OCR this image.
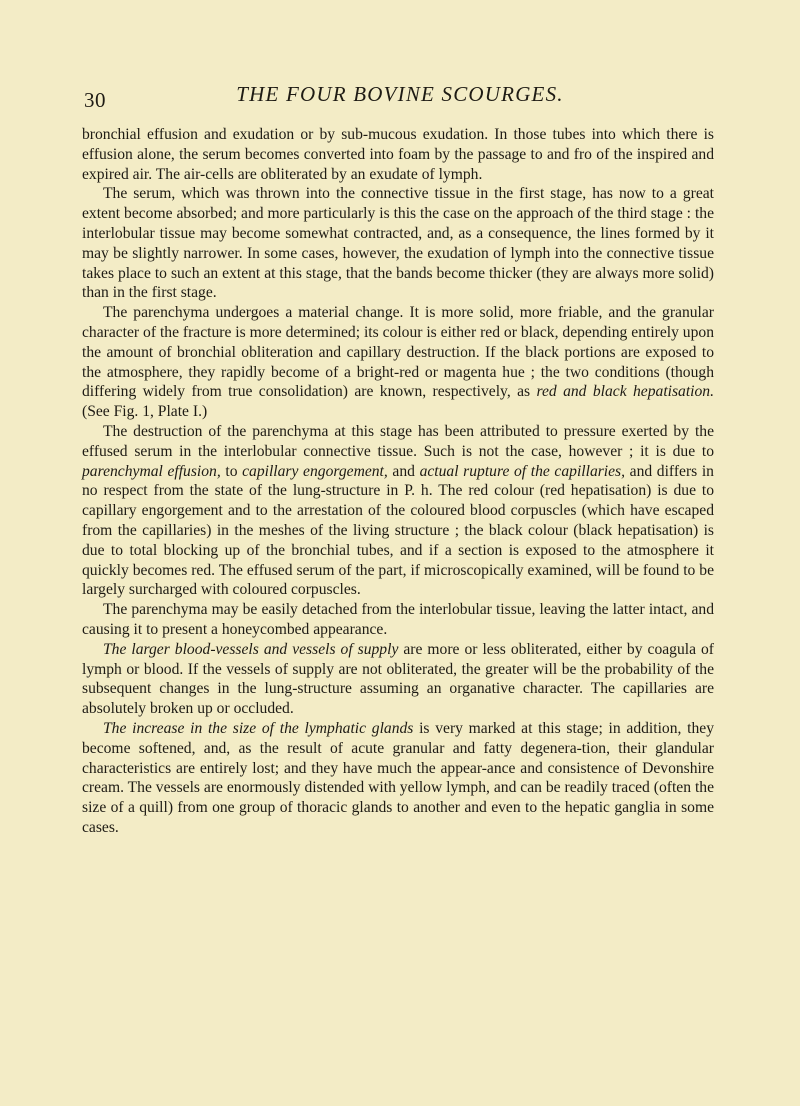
30	THE FOUR BOVINE SCOURGES.

bronchial effusion and exudation or by sub-mucous exudation. In those tubes into which there is effusion alone, the serum becomes converted into foam by the passage to and fro of the inspired and expired air. The air-cells are obliterated by an exudate of lymph.

The serum, which was thrown into the connective tissue in the first stage, has now to a great extent become absorbed; and more particularly is this the case on the approach of the third stage : the interlobular tissue may become somewhat contracted, and, as a consequence, the lines formed by it may be slightly narrower. In some cases, however, the exudation of lymph into the connective tissue takes place to such an extent at this stage, that the bands become thicker (they are always more solid) than in the first stage.

The parenchyma undergoes a material change. It is more solid, more friable, and the granular character of the fracture is more determined; its colour is either red or black, depending entirely upon the amount of bronchial obliteration and capillary destruction. If the black portions are exposed to the atmosphere, they rapidly become of a bright-red or magenta hue ; the two conditions (though differing widely from true consolidation) are known, respectively, as red and black hepatisation. (See Fig. 1, Plate I.)

The destruction of the parenchyma at this stage has been attributed to pressure exerted by the effused serum in the interlobular connective tissue. Such is not the case, however ; it is due to parenchymal effusion, to capillary engorgement, and actual rupture of the capillaries, and differs in no respect from the state of the lung-structure in P. h. The red colour (red hepatisation) is due to capillary engorgement and to the arrestation of the coloured blood corpuscles (which have escaped from the capillaries) in the meshes of the living structure ; the black colour (black hepatisation) is due to total blocking up of the bronchial tubes, and if a section is exposed to the atmosphere it quickly becomes red. The effused serum of the part, if microscopically examined, will be found to be largely surcharged with coloured corpuscles.

The parenchyma may be easily detached from the interlobular tissue, leaving the latter intact, and causing it to present a honeycombed appearance.

The larger blood-vessels and vessels of supply are more or less obliterated, either by coagula of lymph or blood. If the vessels of supply are not obliterated, the greater will be the probability of the subsequent changes in the lung-structure assuming an organative character. The capillaries are absolutely broken up or occluded.

The increase in the size of the lymphatic glands is very marked at this stage; in addition, they become softened, and, as the result of acute granular and fatty degenera-tion, their glandular characteristics are entirely lost; and they have much the appear-ance and consistence of Devonshire cream. The vessels are enormously distended with yellow lymph, and can be readily traced (often the size of a quill) from one group of thoracic glands to another and even to the hepatic ganglia in some cases.
